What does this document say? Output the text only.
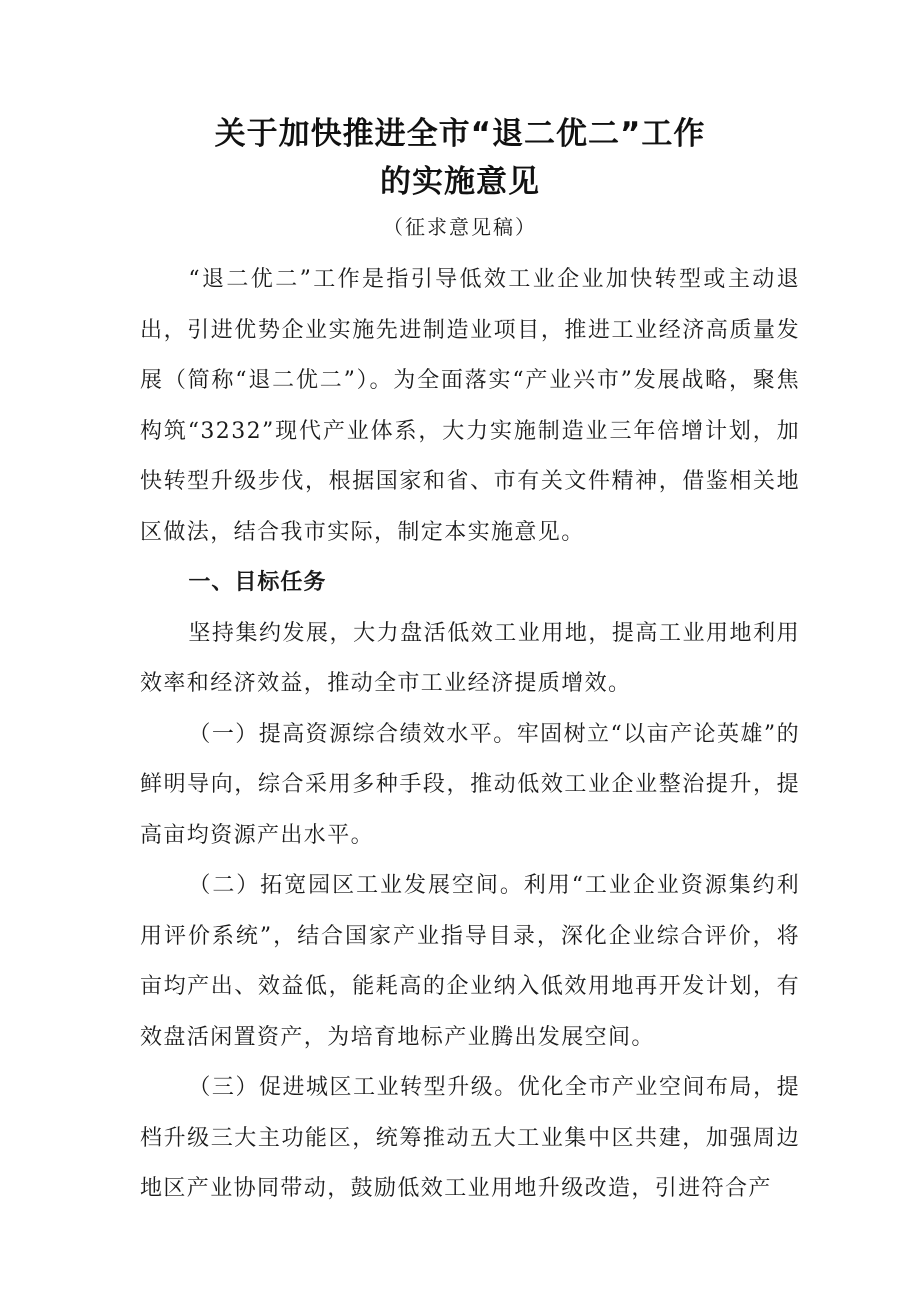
关于加快推进全市“退二优二”工作
的实施意见
（征求意见稿）

“退二优二”工作是指引导低效工业企业加快转型或主动退出，引进优势企业实施先进制造业项目，推进工业经济高质量发展（简称“退二优二”）。为全面落实“产业兴市”发展战略，聚焦构筑“3232”现代产业体系，大力实施制造业三年倍增计划，加快转型升级步伐，根据国家和省、市有关文件精神，借鉴相关地区做法，结合我市实际，制定本实施意见。

一、目标任务

坚持集约发展，大力盘活低效工业用地，提高工业用地利用效率和经济效益，推动全市工业经济提质增效。

（一）提高资源综合绩效水平。牢固树立“以亩产论英雄”的鲜明导向，综合采用多种手段，推动低效工业企业整治提升，提高亩均资源产出水平。

（二）拓宽园区工业发展空间。利用“工业企业资源集约利用评价系统”，结合国家产业指导目录，深化企业综合评价，将亩均产出、效益低，能耗高的企业纳入低效用地再开发计划，有效盘活闲置资产，为培育地标产业腾出发展空间。

（三）促进城区工业转型升级。优化全市产业空间布局，提档升级三大主功能区，统筹推动五大工业集中区共建，加强周边地区产业协同带动，鼓励低效工业用地升级改造，引进符合产
